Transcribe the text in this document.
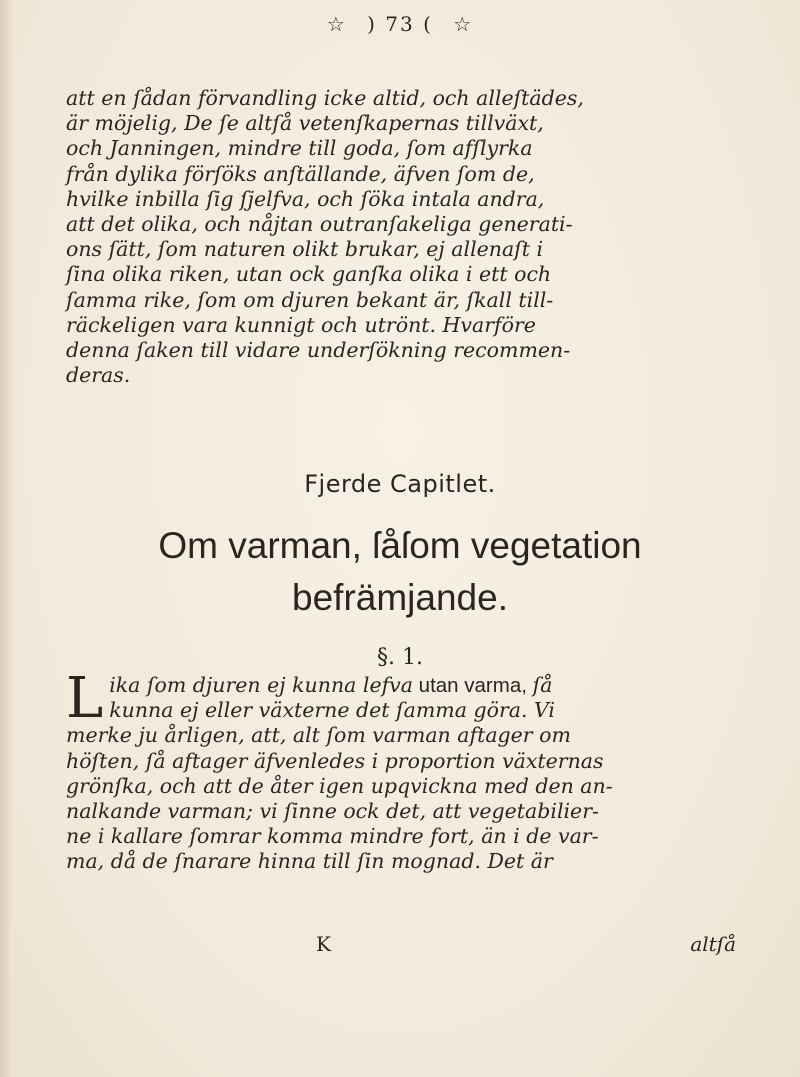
☆ ) 73 ( ☆
att en ſådan förvandling icke altid, och alleſtädes,
är möjelig, De ſe altſå vetenſkapernas tillväxt,
och Janningen, mindre till goda, ſom afſlyrka
från dylika förſöks anſtällande, äfven ſom de,
hvilke inbilla ſig ſjelfva, och ſöka intala andra,
att det olika, och nåjtan outranſakeliga generati-
ons ſätt, ſom naturen olikt brukar, ej allenaſt i
ſina olika riken, utan ock ganſka olika i ett och
ſamma rike, ſom om djuren bekant är, ſkall till-
räckeligen vara kunnigt och utrönt. Hvarföre
denna ſaken till vidare underſökning recommen-
deras.
Fjerde Capitlet.
Om varman, ſåſom vegetation
befrämjande.
§. 1.
L ika ſom djuren ej kunna lefva utan varma, ſå
kunna ej eller växterne det ſamma göra. Vi
merke ju årligen, att, alt ſom varman aftager om
höſten, ſå aftager äfvenledes i proportion växternas
grönſka, och att de åter igen upqvickna med den an-
nalkande varman; vi ſinne ock det, att vegetabilier-
ne i kallare ſomrar komma mindre fort, än i de var-
ma, då de ſnarare hinna till ſin mognad. Det är
K	altſå
